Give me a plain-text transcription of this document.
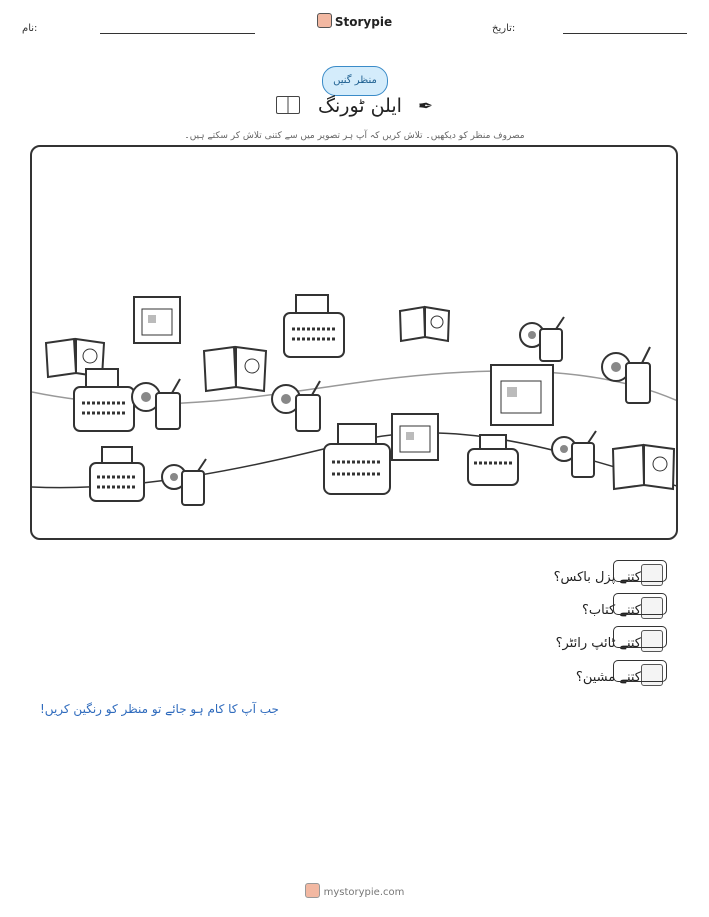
نام:	Storypie	تاریخ:
منظر گنیں
ایلن ٹورنگ ✒
مصروف منظر کو دیکھیں۔ تلاش کریں کہ آپ ہر تصویر میں سے کتنی تلاش کر سکتے ہیں۔
کتنے پزل باکس؟
کتنے کتاب؟
کتنے ٹائپ رائٹر؟
کتنے مشین؟
جب آپ کا کام ہو جائے تو منظر کو رنگین کریں!
mystorypie.com
